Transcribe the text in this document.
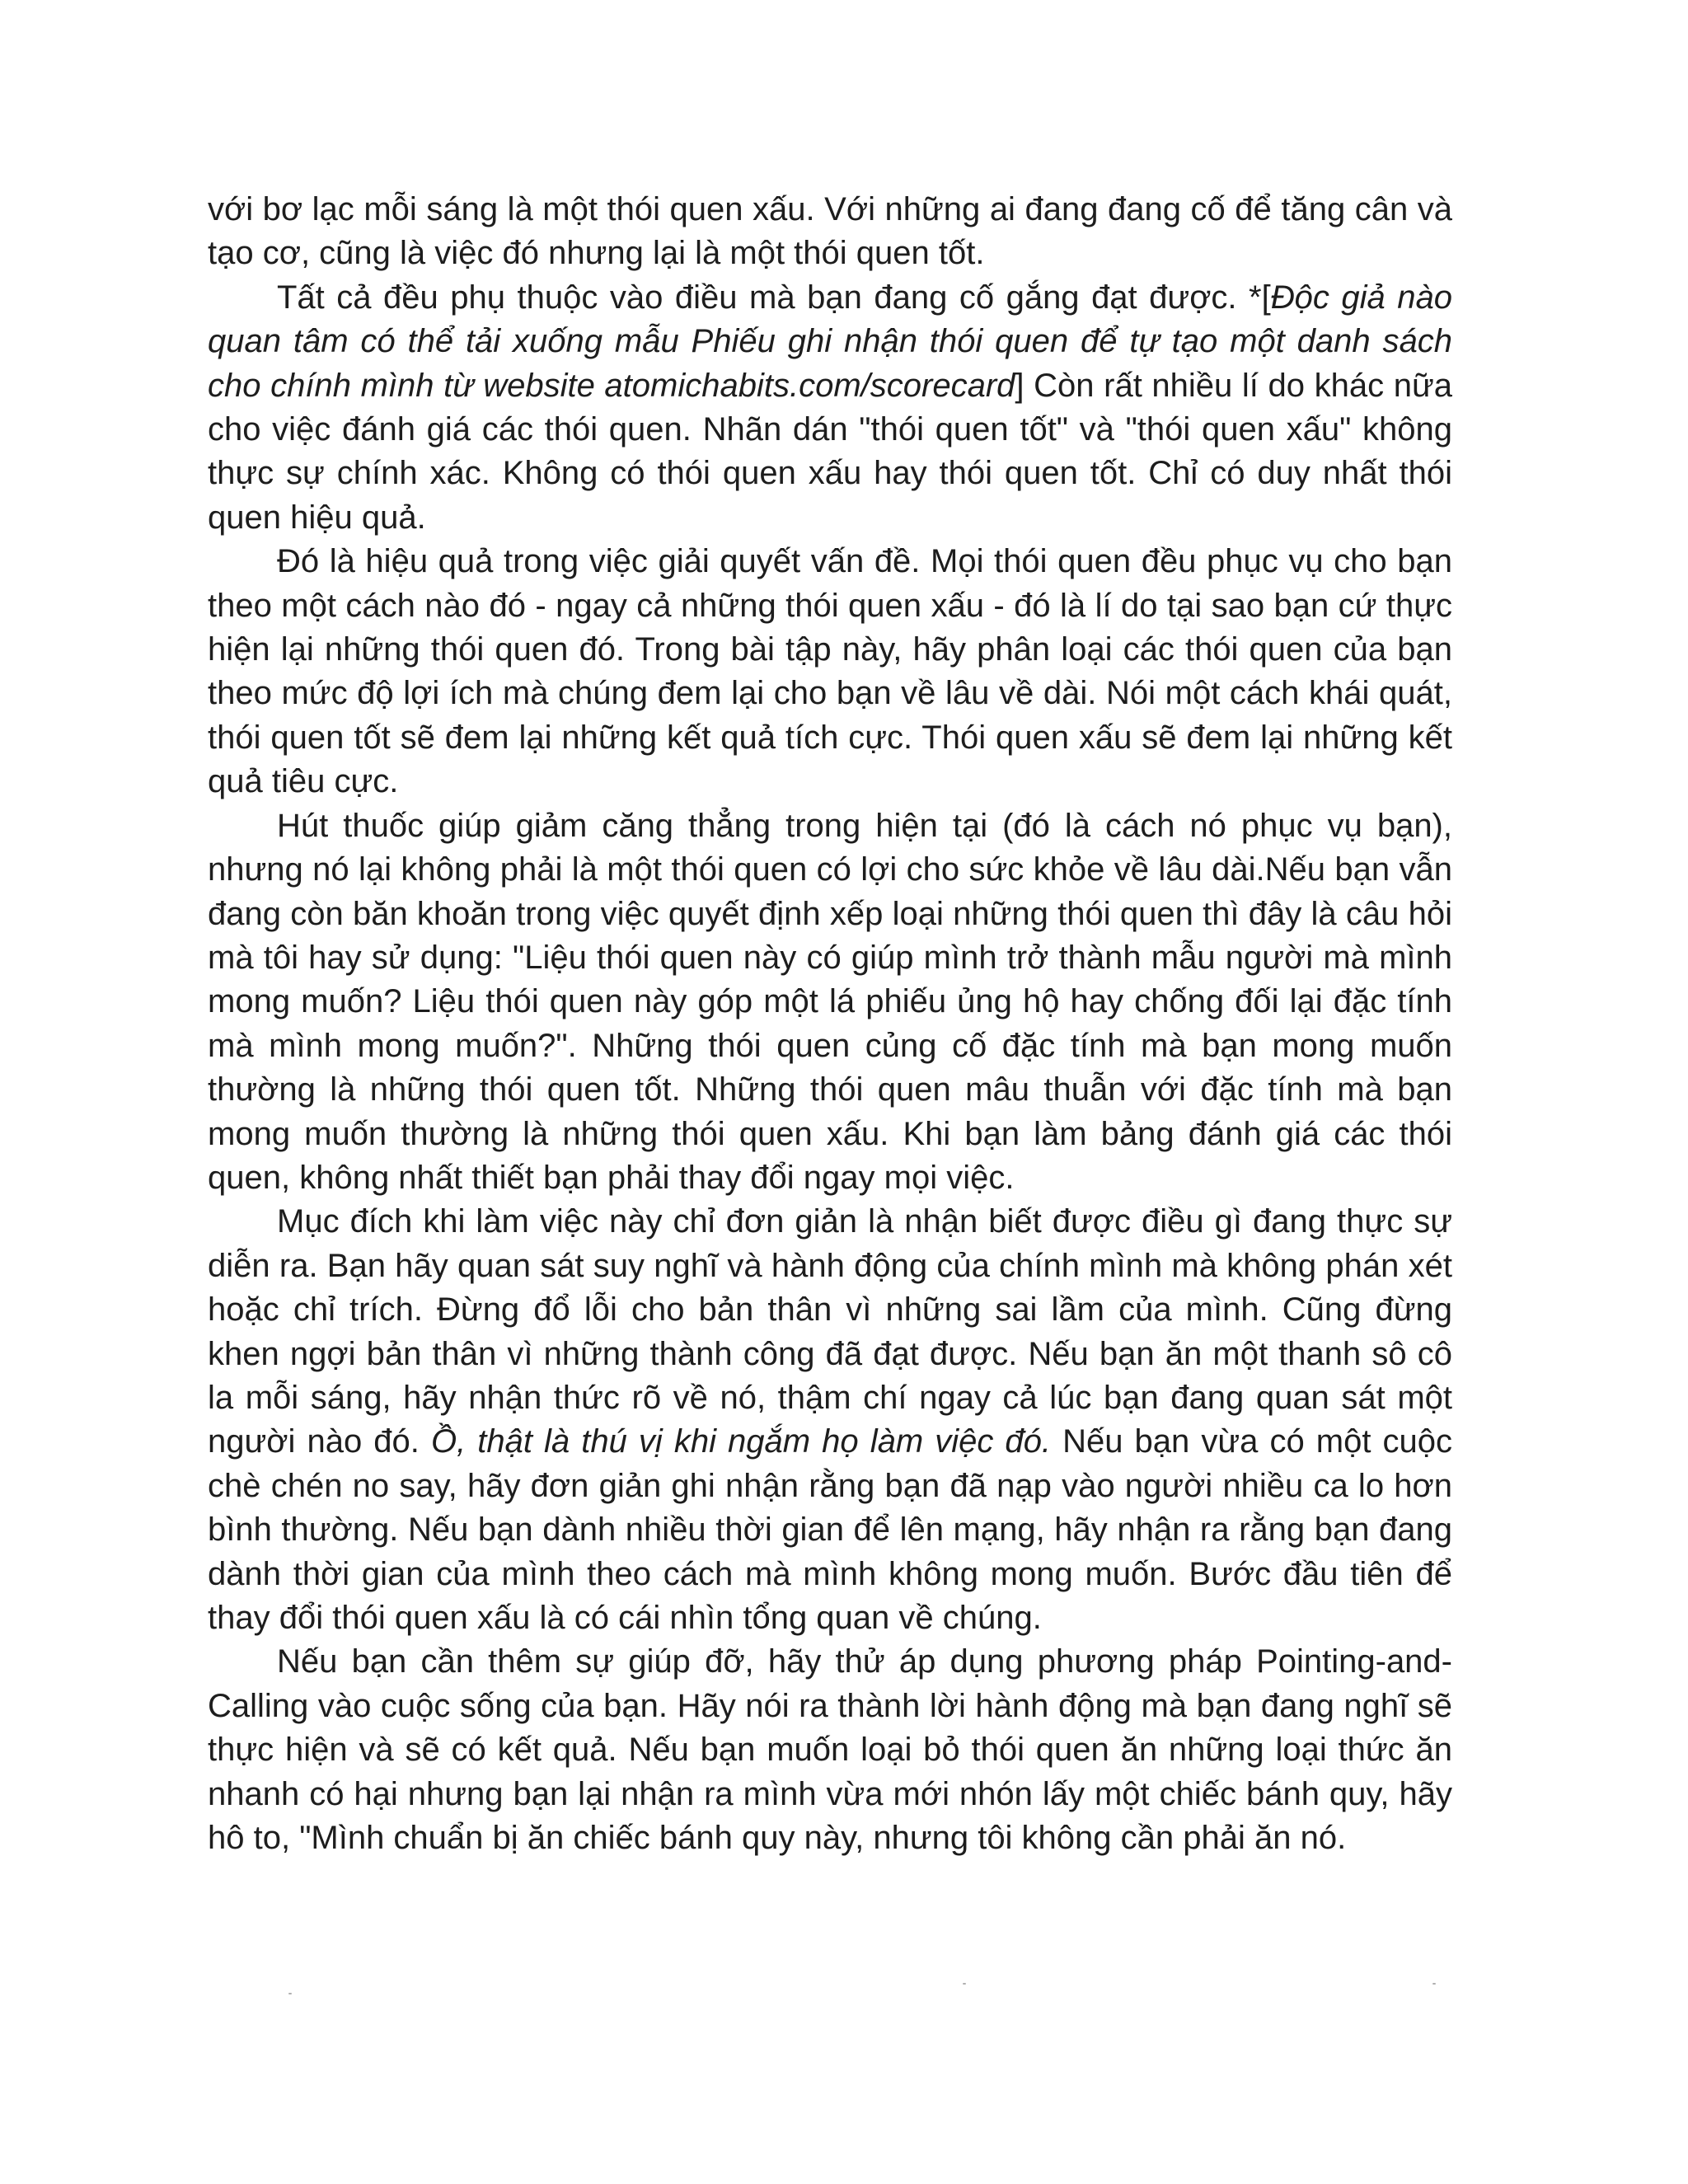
với bơ lạc mỗi sáng là một thói quen xấu. Với những ai đang đang cố để tăng cân và tạo cơ, cũng là việc đó nhưng lại là một thói quen tốt.

Tất cả đều phụ thuộc vào điều mà bạn đang cố gắng đạt được. *[Độc giả nào quan tâm có thể tải xuống mẫu Phiếu ghi nhận thói quen để tự tạo một danh sách cho chính mình từ website atomichabits.com/scorecard] Còn rất nhiều lí do khác nữa cho việc đánh giá các thói quen. Nhãn dán "thói quen tốt" và "thói quen xấu" không thực sự chính xác. Không có thói quen xấu hay thói quen tốt. Chỉ có duy nhất thói quen hiệu quả.

Đó là hiệu quả trong việc giải quyết vấn đề. Mọi thói quen đều phục vụ cho bạn theo một cách nào đó - ngay cả những thói quen xấu - đó là lí do tại sao bạn cứ thực hiện lại những thói quen đó. Trong bài tập này, hãy phân loại các thói quen của bạn theo mức độ lợi ích mà chúng đem lại cho bạn về lâu về dài. Nói một cách khái quát, thói quen tốt sẽ đem lại những kết quả tích cực. Thói quen xấu sẽ đem lại những kết quả tiêu cực.

Hút thuốc giúp giảm căng thẳng trong hiện tại (đó là cách nó phục vụ bạn), nhưng nó lại không phải là một thói quen có lợi cho sức khỏe về lâu dài.Nếu bạn vẫn đang còn băn khoăn trong việc quyết định xếp loại những thói quen thì đây là câu hỏi mà tôi hay sử dụng: "Liệu thói quen này có giúp mình trở thành mẫu người mà mình mong muốn? Liệu thói quen này góp một lá phiếu ủng hộ hay chống đối lại đặc tính mà mình mong muốn?". Những thói quen củng cố đặc tính mà bạn mong muốn thường là những thói quen tốt. Những thói quen mâu thuẫn với đặc tính mà bạn mong muốn thường là những thói quen xấu. Khi bạn làm bảng đánh giá các thói quen, không nhất thiết bạn phải thay đổi ngay mọi việc.

Mục đích khi làm việc này chỉ đơn giản là nhận biết được điều gì đang thực sự diễn ra. Bạn hãy quan sát suy nghĩ và hành động của chính mình mà không phán xét hoặc chỉ trích. Đừng đổ lỗi cho bản thân vì những sai lầm của mình. Cũng đừng khen ngợi bản thân vì những thành công đã đạt được. Nếu bạn ăn một thanh sô cô la mỗi sáng, hãy nhận thức rõ về nó, thậm chí ngay cả lúc bạn đang quan sát một người nào đó. Ồ, thật là thú vị khi ngắm họ làm việc đó. Nếu bạn vừa có một cuộc chè chén no say, hãy đơn giản ghi nhận rằng bạn đã nạp vào người nhiều ca lo hơn bình thường. Nếu bạn dành nhiều thời gian để lên mạng, hãy nhận ra rằng bạn đang dành thời gian của mình theo cách mà mình không mong muốn. Bước đầu tiên để thay đổi thói quen xấu là có cái nhìn tổng quan về chúng.

Nếu bạn cần thêm sự giúp đỡ, hãy thử áp dụng phương pháp Pointing-and-Calling vào cuộc sống của bạn. Hãy nói ra thành lời hành động mà bạn đang nghĩ sẽ thực hiện và sẽ có kết quả. Nếu bạn muốn loại bỏ thói quen ăn những loại thức ăn nhanh có hại nhưng bạn lại nhận ra mình vừa mới nhón lấy một chiếc bánh quy, hãy hô to, "Mình chuẩn bị ăn chiếc bánh quy này, nhưng tôi không cần phải ăn nó.
